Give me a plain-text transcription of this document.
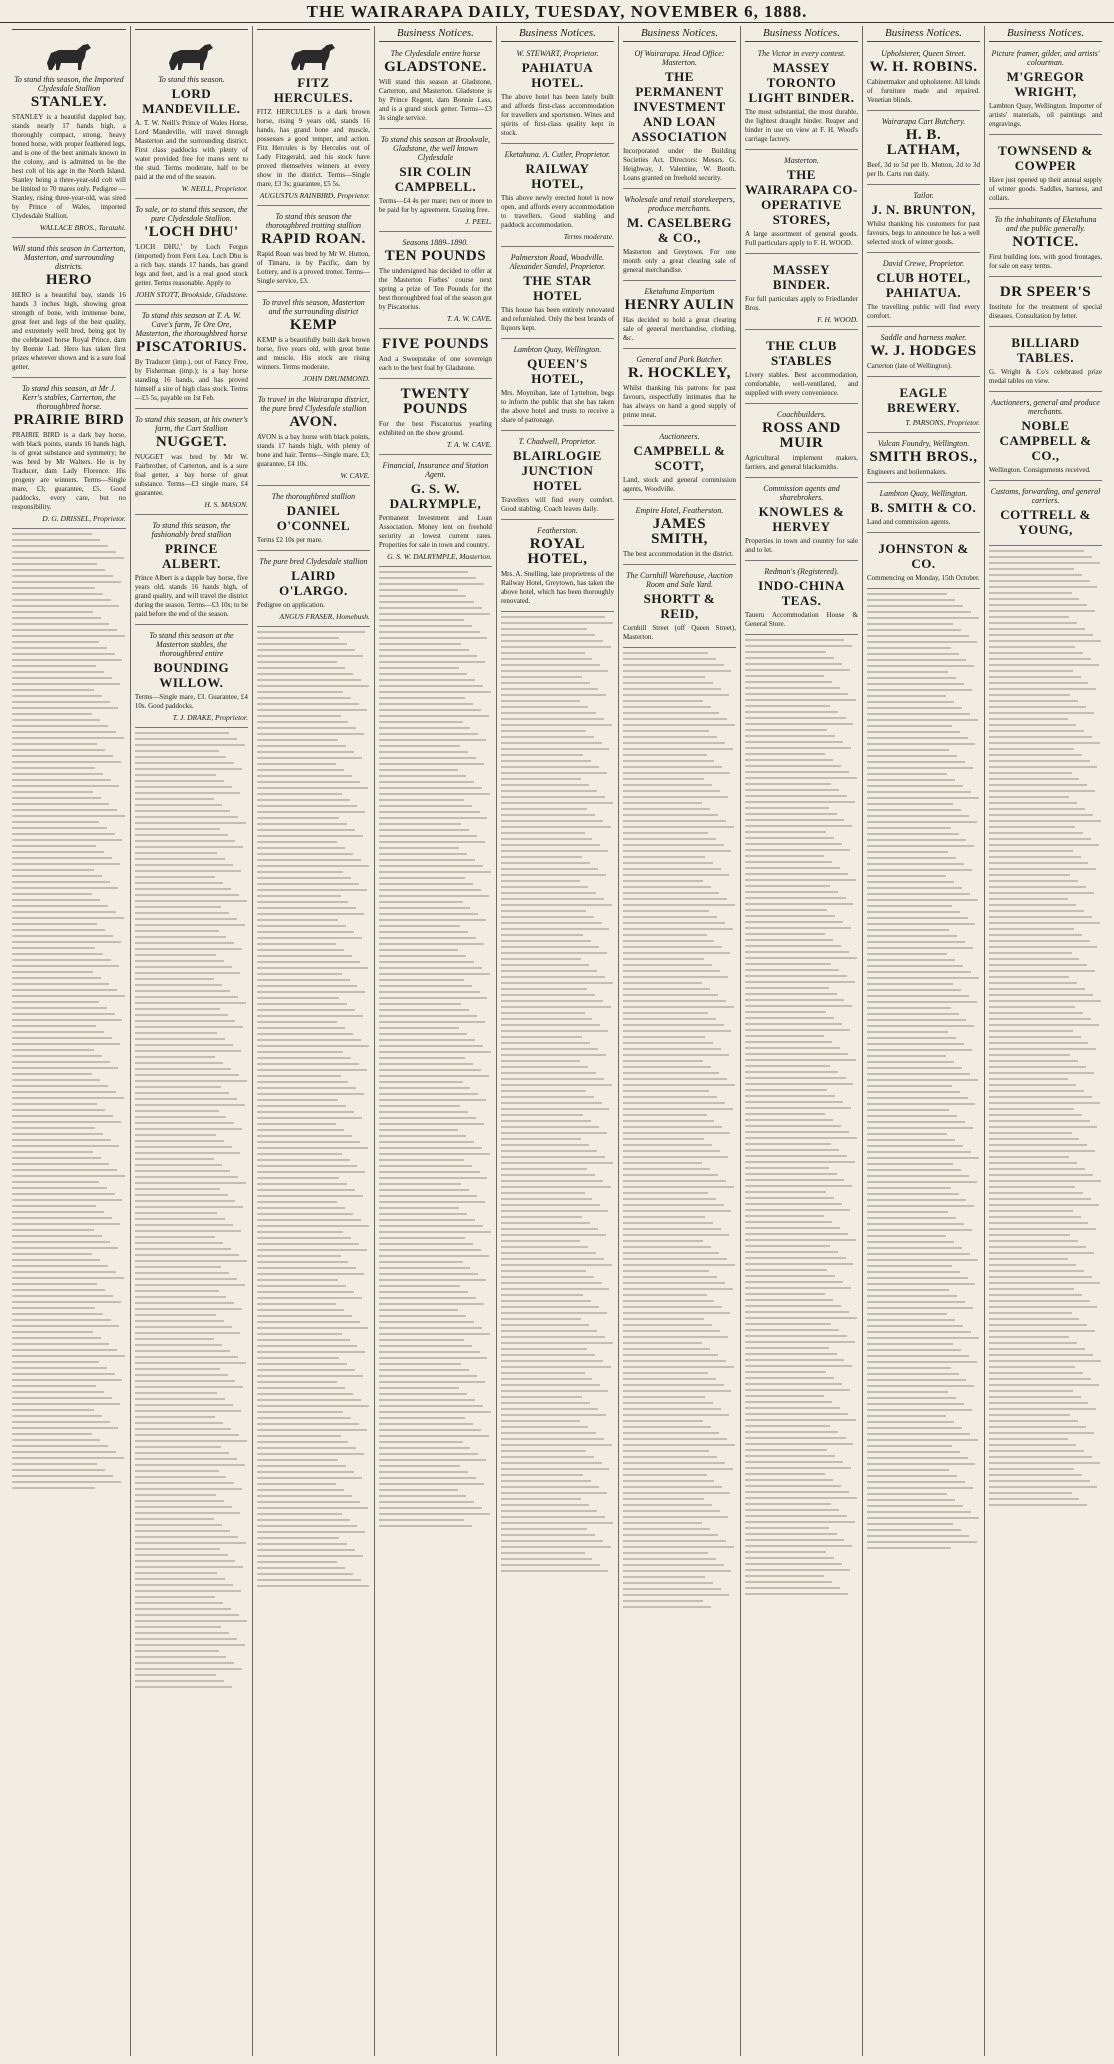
THE WAIRARAPA DAILY, TUESDAY, NOVEMBER 6, 1888.
To stand this season, the Imported Clydesdale Stallion
STANLEY.
STANLEY is a beautiful dappled bay, stands nearly 17 hands high, a thoroughly compact, strong, heavy boned horse, with proper feathered legs, and is one of the best animals known in the colony, and is admitted to be the best colt of his age in the North Island. Stanley being a three-year-old colt will be limited to 70 mares only. Pedigree — Stanley, rising three-year-old, was sired by Prince of Wales, imported Clydesdale Stallion.
WALLACE BROS., Taratahi.
Will stand this season in Carterton, Masterton, and surrounding districts.
HERO
HERO is a beautiful bay, stands 16 hands 3 inches high, showing great strength of bone, with immense bone, great feet and legs of the best quality, and extremely well bred, being got by the celebrated horse Royal Prince, dam by Bonnie Lad. Hero has taken first prizes wherever shown and is a sure foal getter.
To stand this season, at Mr J. Kerr's stables, Carterton, the thoroughbred horse.
PRAIRIE BIRD
PRAIRIE BIRD is a dark bay horse, with black points, stands 16 hands high, is of great substance and symmetry; he was bred by Mr Walters. He is by Traducer, dam Lady Florence. His progeny are winners. Terms—Single mare, £3; guarantee, £5. Good paddocks, every care, but no responsibility.
D. G. DRISSEL, Proprietor.
To stand this season.
LORD MANDEVILLE.
A. T. W. Neill's Prince of Wales Horse, Lord Mandeville, will travel through Masterton and the surrounding district. First class paddocks with plenty of water provided free for mares sent to the stud. Terms moderate, half to be paid at the end of the season.
W. NEILL, Proprietor.
To sale, or to stand this season, the pure Clydesdale Stallion.
'LOCH DHU'
'LOCH DHU,' by Loch Fergus (imported) from Fern Lea. Loch Dhu is a rich bay, stands 17 hands, has grand legs and feet, and is a real good stock getter. Terms reasonable. Apply to
JOHN STOTT, Brookside, Gladstone.
To stand this season at T. A. W. Cave's farm, Te Ore Ore, Masterton, the thoroughbred horse
PISCATORIUS.
By Traducer (imp.), out of Fancy Free, by Fisherman (imp.); is a bay horse standing 16 hands, and has proved himself a sire of high class stock. Terms—£5 5s, payable on 1st Feb.
To stand this season, at his owner's farm, the Cart Stallion
NUGGET.
NUGGET was bred by Mr W. Fairbrother, of Carterton, and is a sure foal getter, a bay horse of great substance. Terms—£3 single mare, £4 guarantee.
H. S. MASON.
To stand this season, the fashionably bred stallion
PRINCE ALBERT.
Prince Albert is a dapple bay horse, five years old, stands 16 hands high, of grand quality, and will travel the district during the season. Terms—£3 10s; to be paid before the end of the season.
To stand this season at the Masterton stables, the thoroughbred entire
BOUNDING WILLOW.
Terms—Single mare, £3. Guarantee, £4 10s. Good paddocks.
T. J. DRAKE, Proprietor.
FITZ HERCULES.
FITZ HERCULES is a dark brown horse, rising 9 years old, stands 16 hands, has grand bone and muscle, possesses a good temper, and action. Fitz Hercules is by Hercules out of Lady Fitzgerald, and his stock have proved themselves winners at every show in the district. Terms—Single mare, £3 3s; guarantee, £5 5s.
AUGUSTUS RAINBIRD, Proprietor.
To stand this season the thoroughbred trotting stallion
RAPID ROAN.
Rapid Roan was bred by Mr W. Hutton, of Timaru, is by Pacific, dam by Lottery, and is a proved trotter. Terms—Single service, £3.
To travel this season, Masterton and the surrounding district
KEMP
KEMP is a beautifully built dark brown horse, five years old, with great bone and muscle. His stock are rising winners. Terms moderate.
JOHN DRUMMOND.
To travel in the Wairarapa district, the pure bred Clydesdale stallion
AVON.
AVON is a bay horse with black points, stands 17 hands high, with plenty of bone and hair. Terms—Single mare, £3; guarantee, £4 10s.
W. CAVE.
The thoroughbred stallion
DANIEL O'CONNEL
Terms £2 10s per mare.
The pure bred Clydesdale stallion
LAIRD O'LARGO.
Pedigree on application.
ANGUS FRASER, Homebush.
Business Notices.
The Clydesdale entire horse
GLADSTONE.
Will stand this season at Gladstone, Carterton, and Masterton. Gladstone is by Prince Regent, dam Bonnie Lass, and is a grand stock getter. Terms—£3 3s single service.
To stand this season at Brookvale, Gladstone, the well known Clydesdale
SIR COLIN CAMPBELL.
Terms—£4 4s per mare; two or more to be paid for by agreement. Grazing free.
J. PEEL.
Seasons 1889–1890.
TEN POUNDS
The undersigned has decided to offer at the Masterton Forbes' course next spring a prize of Ten Pounds for the best thoroughbred foal of the season got by Piscatorius.
T. A. W. CAVE.
FIVE POUNDS
And a Sweepstake of one sovereign each to the best foal by Gladstone.
TWENTY POUNDS
For the best Piscatorius yearling exhibited on the show ground.
T. A. W. CAVE.
Financial, Insurance and Station Agent.
G. S. W. DALRYMPLE,
Permanent Investment and Loan Association. Money lent on freehold security at lowest current rates. Properties for sale in town and country.
G. S. W. DALRYMPLE, Masterton.
Business Notices.
W. STEWART, Proprietor.
PAHIATUA HOTEL.
The above hotel has been lately built and affords first-class accommodation for travellers and sportsmen. Wines and spirits of first-class quality kept in stock.
Eketahuna. A. Cutler, Proprietor.
RAILWAY HOTEL,
This above newly erected hotel is now open, and affords every accommodation to travellers. Good stabling and paddock accommodation.
Terms moderate.
Palmerston Road, Woodville. Alexander Sandel, Proprietor.
THE STAR HOTEL
This house has been entirely renovated and refurnished. Only the best brands of liquors kept.
Lambton Quay, Wellington.
QUEEN'S HOTEL,
Mrs. Moynihan, late of Lyttelton, begs to inform the public that she has taken the above hotel and trusts to receive a share of patronage.
T. Chadwell, Proprietor.
BLAIRLOGIE JUNCTION HOTEL
Travellers will find every comfort. Good stabling. Coach leaves daily.
Featherston.
ROYAL HOTEL,
Mrs. A. Snelling, late proprietress of the Railway Hotel, Greytown, has taken the above hotel, which has been thoroughly renovated.
Business Notices.
Of Wairarapa. Head Office: Masterton.
THE PERMANENT INVESTMENT AND LOAN ASSOCIATION
Incorporated under the Building Societies Act. Directors: Messrs. G. Heighway, J. Valentine, W. Booth. Loans granted on freehold security.
Wholesale and retail storekeepers, produce merchants.
M. CASELBERG & CO.,
Masterton and Greytown. For one month only a great clearing sale of general merchandise.
Eketahuna Emporium
HENRY AULIN
Has decided to hold a great clearing sale of general merchandise, clothing, &c.
General and Pork Butcher.
R. HOCKLEY,
Whilst thanking his patrons for past favours, respectfully intimates that he has always on hand a good supply of prime meat.
Auctioneers.
CAMPBELL & SCOTT,
Land, stock and general commission agents, Woodville.
Empire Hotel, Featherston.
JAMES SMITH,
The best accommodation in the district.
The Cornhill Warehouse, Auction Room and Sale Yard.
SHORTT & REID,
Cornhill Street (off Queen Street), Masterton.
Business Notices.
The Victor in every contest.
MASSEY TORONTO LIGHT BINDER.
The most substantial, the most durable, the lightest draught binder. Reaper and binder in use on view at F. H. Wood's carriage factory.
Masterton.
THE WAIRARAPA CO-OPERATIVE STORES,
A large assortment of general goods. Full particulars apply to F. H. WOOD.
MASSEY BINDER.
For full particulars apply to Friedlander Bros.
F. H. WOOD.
THE CLUB STABLES
Livery stables. Best accommodation, comfortable, well-ventilated, and supplied with every convenience.
Coachbuilders.
ROSS AND MUIR
Agricultural implement makers, farriers, and general blacksmiths.
Commission agents and sharebrokers.
KNOWLES & HERVEY
Properties in town and country for sale and to let.
Redman's (Registered).
INDO-CHINA TEAS.
Taueru Accommodation House & General Store.
Business Notices.
Upholsterer, Queen Street.
W. H. ROBINS.
Cabinetmaker and upholsterer. All kinds of furniture made and repaired. Venetian blinds.
Wairarapa Cart Butchery.
H. B. LATHAM,
Beef, 3d to 5d per lb. Mutton, 2d to 3d per lb. Carts run daily.
Tailor.
J. N. BRUNTON,
Whilst thanking his customers for past favours, begs to announce he has a well selected stock of winter goods.
David Crewe, Proprietor.
CLUB HOTEL, PAHIATUA.
The travelling public will find every comfort.
Saddle and harness maker.
W. J. HODGES
Carterton (late of Wellington).
EAGLE BREWERY.
T. PARSONS, Proprietor.
Vulcan Foundry, Wellington.
SMITH BROS.,
Engineers and boilermakers.
Lambton Quay, Wellington.
B. SMITH & CO.
Land and commission agents.
JOHNSTON & CO.
Commencing on Monday, 15th October.
Business Notices.
Picture framer, gilder, and artists' colourman.
M'GREGOR WRIGHT,
Lambton Quay, Wellington. Importer of artists' materials, oil paintings and engravings.
TOWNSEND & COWPER
Have just opened up their annual supply of winter goods. Saddles, harness, and collars.
To the inhabitants of Eketahuna and the public generally.
NOTICE.
First building lots, with good frontages, for sale on easy terms.
DR SPEER'S
Institute for the treatment of special diseases. Consultation by letter.
BILLIARD TABLES.
G. Wright & Co's celebrated prize medal tables on view.
Auctioneers, general and produce merchants.
NOBLE CAMPBELL & CO.,
Wellington. Consignments received.
Customs, forwarding, and general carriers.
COTTRELL & YOUNG,
